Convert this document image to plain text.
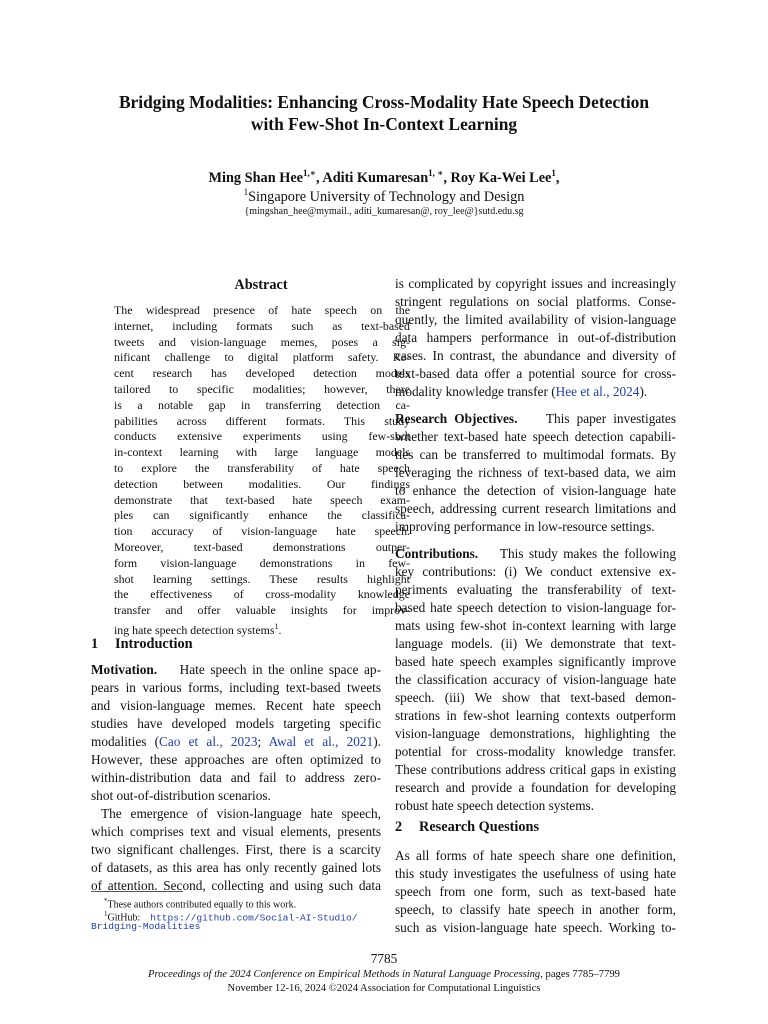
Bridging Modalities: Enhancing Cross-Modality Hate Speech Detection
with Few-Shot In-Context Learning
Ming Shan Hee$^{1,∗}$, Aditi Kumaresan$^{1, ∗}$, Roy Ka-Wei Lee$^1$,
$^1$Singapore University of Technology and Design
{mingshan_hee@mymail., aditi_kumaresan@, roy_lee@}sutd.edu.sg
Abstract
The widespread presence of hate speech on the
internet, including formats such as text-based
tweets and vision-language memes, poses a sig-
nificant challenge to digital platform safety. Re-
cent research has developed detection models
tailored to specific modalities; however, there
is a notable gap in transferring detection ca-
pabilities across different formats. This study
conducts extensive experiments using few-shot
in-context learning with large language models
to explore the transferability of hate speech
detection between modalities. Our findings
demonstrate that text-based hate speech exam-
ples can significantly enhance the classifica-
tion accuracy of vision-language hate speech.
Moreover, text-based demonstrations outper-
form vision-language demonstrations in few-
shot learning settings. These results highlight
the effectiveness of cross-modality knowledge
transfer and offer valuable insights for improv-
ing hate speech detection systems$^1$.
1 Introduction
Motivation. Hate speech in the online space ap-
pears in various forms, including text-based tweets
and vision-language memes. Recent hate speech
studies have developed models targeting specific
modalities (Cao et al., 2023; Awal et al., 2021).
However, these approaches are often optimized to
within-distribution data and fail to address zero-
shot out-of-distribution scenarios.
The emergence of vision-language hate speech,
which comprises text and visual elements, presents
two significant challenges. First, there is a scarcity
of datasets, as this area has only recently gained lots
of attention. Second, collecting and using such data
*These authors contributed equally to this work.
$^1$GitHub: https://github.com/Social-AI-Studio/
Bridging-Modalities
is complicated by copyright issues and increasingly
stringent regulations on social platforms. Conse-
quently, the limited availability of vision-language
data hampers performance in out-of-distribution
cases. In contrast, the abundance and diversity of
text-based data offer a potential source for cross-
modality knowledge transfer (Hee et al., 2024).
Research Objectives. This paper investigates
whether text-based hate speech detection capabili-
ties can be transferred to multimodal formats. By
leveraging the richness of text-based data, we aim
to enhance the detection of vision-language hate
speech, addressing current research limitations and
improving performance in low-resource settings.
Contributions. This study makes the following
key contributions: (i) We conduct extensive ex-
periments evaluating the transferability of text-
based hate speech detection to vision-language for-
mats using few-shot in-context learning with large
language models. (ii) We demonstrate that text-
based hate speech examples significantly improve
the classification accuracy of vision-language hate
speech. (iii) We show that text-based demon-
strations in few-shot learning contexts outperform
vision-language demonstrations, highlighting the
potential for cross-modality knowledge transfer.
These contributions address critical gaps in existing
research and provide a foundation for developing
robust hate speech detection systems.
2 Research Questions
As all forms of hate speech share one definition,
this study investigates the usefulness of using hate
speech from one form, such as text-based hate
speech, to classify hate speech in another form,
such as vision-language hate speech. Working to-
7785
Proceedings of the 2024 Conference on Empirical Methods in Natural Language Processing, pages 7785–7799
November 12-16, 2024 ©2024 Association for Computational Linguistics
